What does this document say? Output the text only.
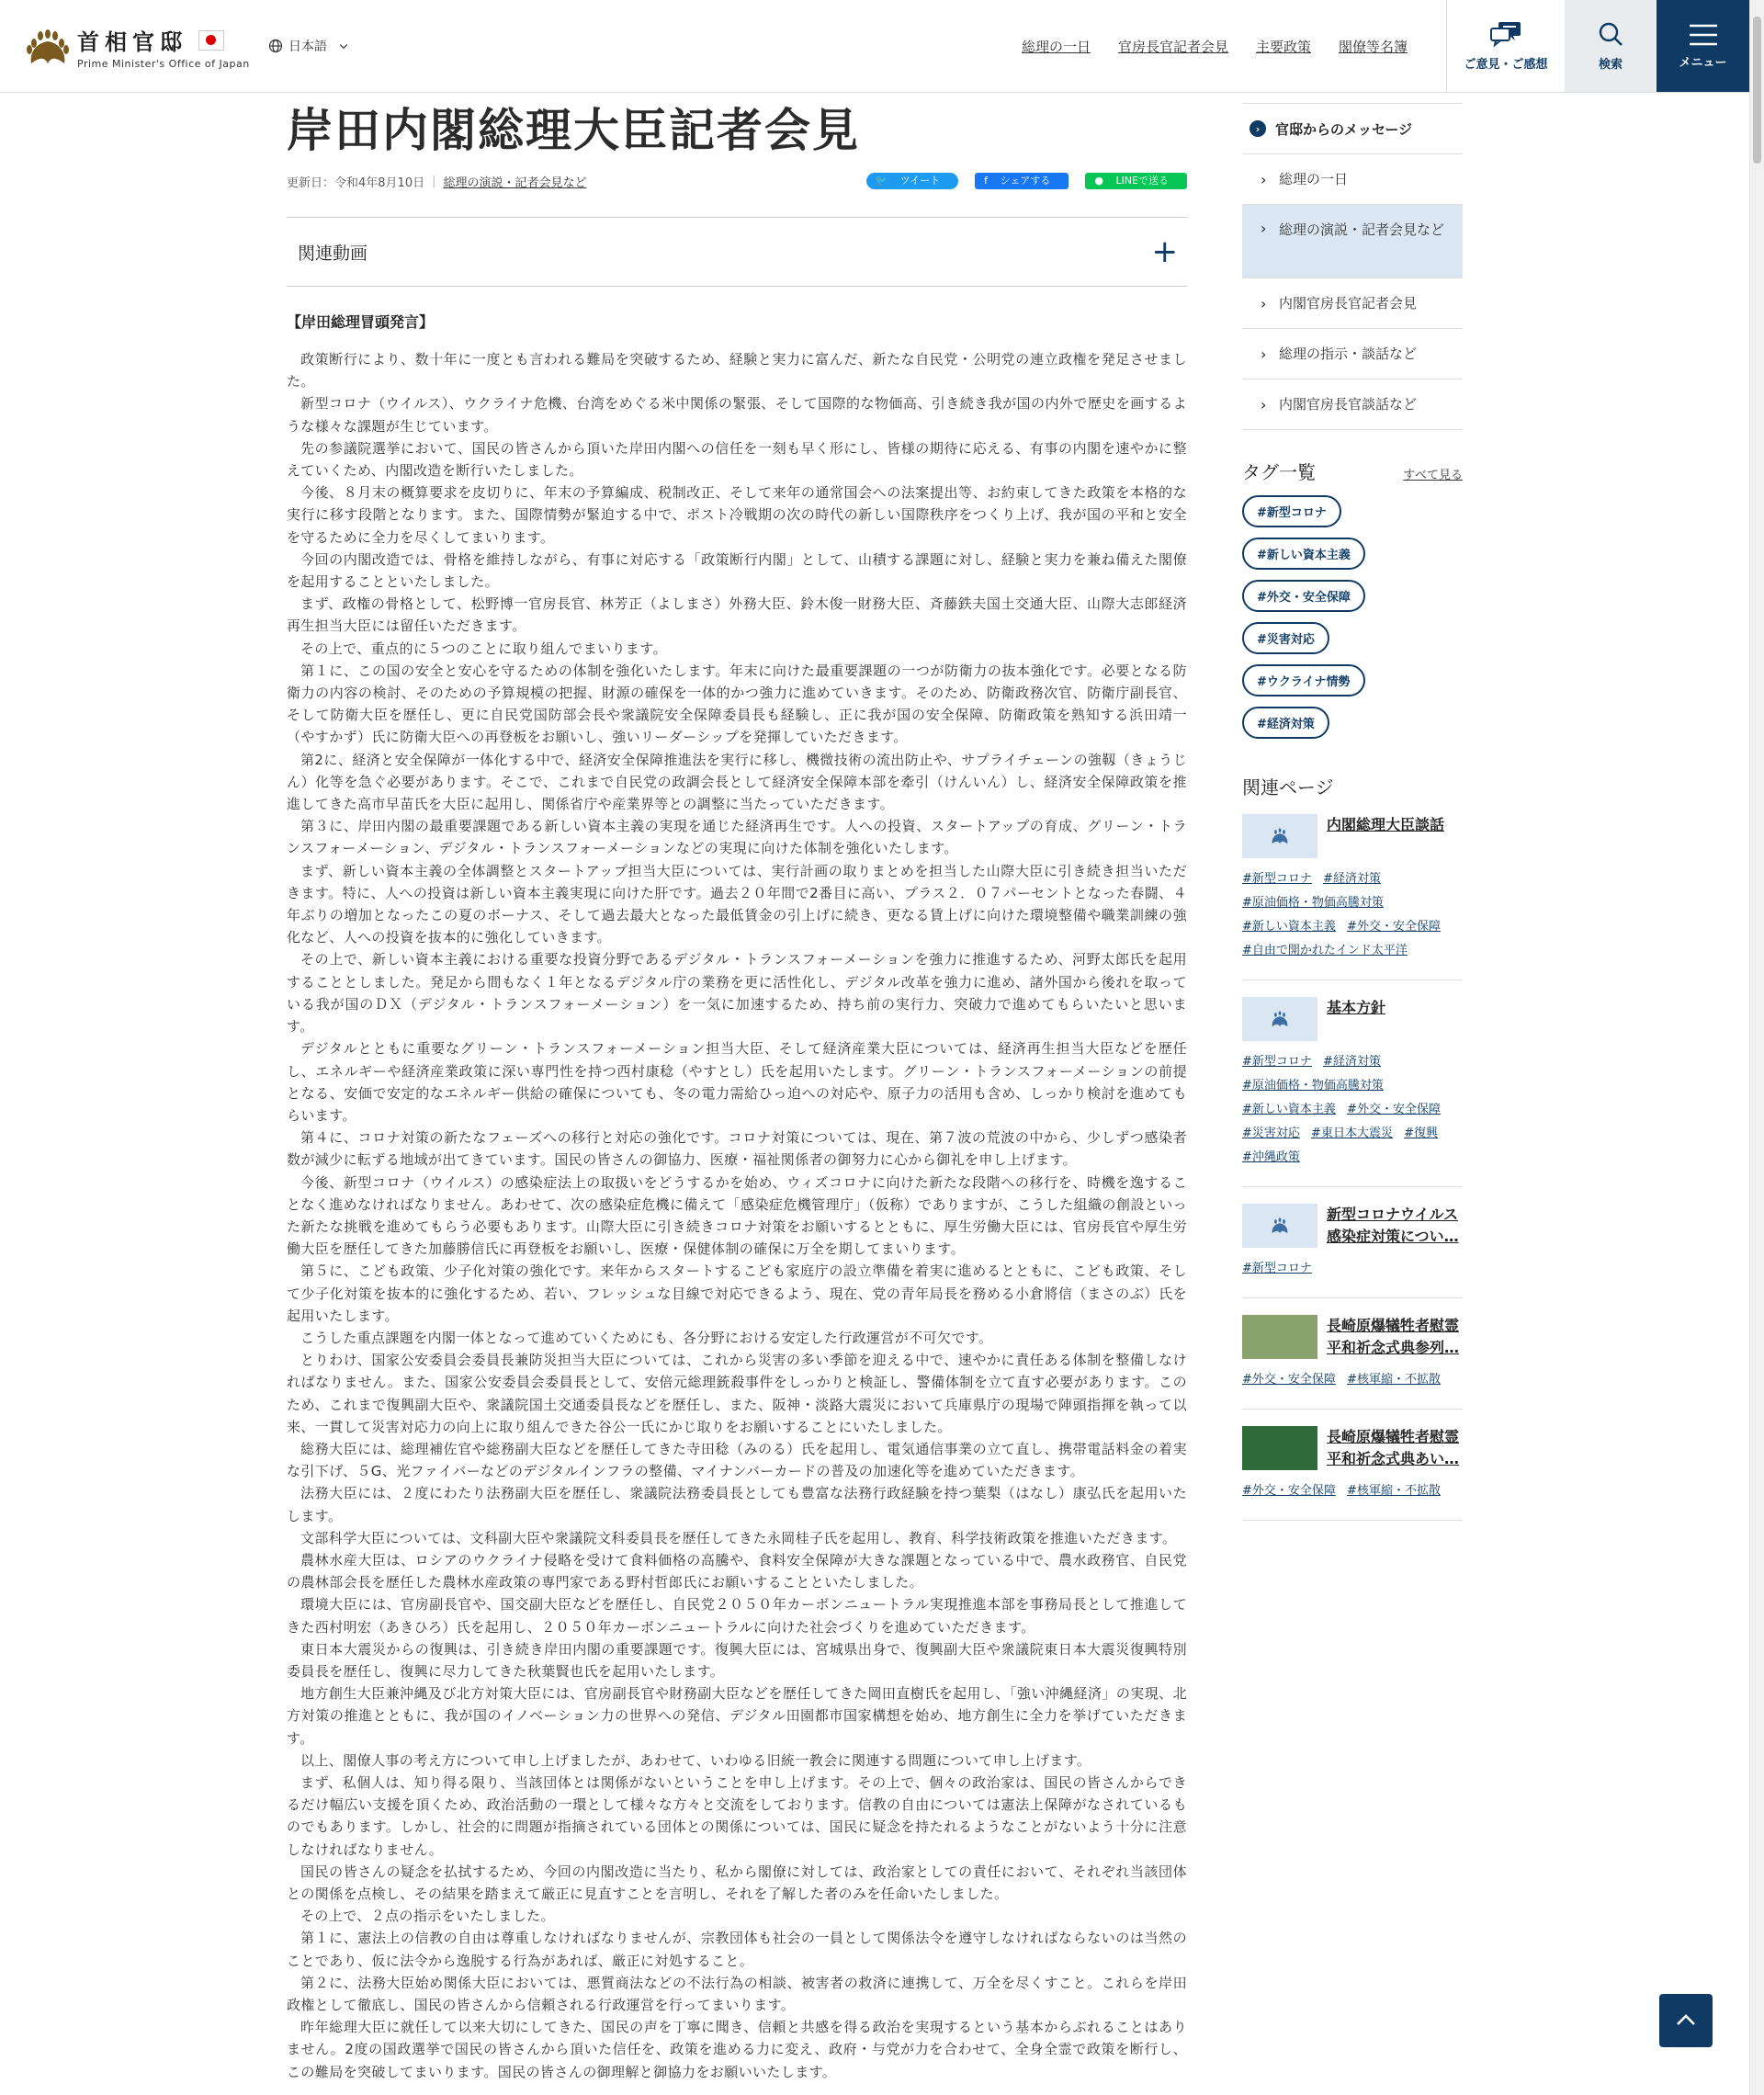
首相官邸
Prime Minister's Office of Japan
日本語	総理の一日 官房長官記者会見 主要政策 閣僚等名簿
ご意見・ご感想	検索	メニュー
岸田内閣総理大臣記者会見
更新日：令和4年8月10日 | 総理の演説・記者会見など	🐦 ツイート	f シェアする	● LINEで送る
関連動画	+
【岸田総理冒頭発言】

政策断行により、数十年に一度とも言われる難局を突破するため、経験と実力に富んだ、新たな自民党・公明党の連立政権を発足させました。

新型コロナ（ウイルス）、ウクライナ危機、台湾をめぐる米中関係の緊張、そして国際的な物価高、引き続き我が国の内外で歴史を画するような様々な課題が生じています。

先の参議院選挙において、国民の皆さんから頂いた岸田内閣への信任を一刻も早く形にし、皆様の期待に応える、有事の内閣を速やかに整えていくため、内閣改造を断行いたしました。

今後、８月末の概算要求を皮切りに、年末の予算編成、税制改正、そして来年の通常国会への法案提出等、お約束してきた政策を本格的な実行に移す段階となります。また、国際情勢が緊迫する中で、ポスト冷戦期の次の時代の新しい国際秩序をつくり上げ、我が国の平和と安全を守るために全力を尽くしてまいります。

今回の内閣改造では、骨格を維持しながら、有事に対応する「政策断行内閣」として、山積する課題に対し、経験と実力を兼ね備えた閣僚を起用することといたしました。

まず、政権の骨格として、松野博一官房長官、林芳正（よしまさ）外務大臣、鈴木俊一財務大臣、斉藤鉄夫国土交通大臣、山際大志郎経済再生担当大臣には留任いただきます。

その上で、重点的に５つのことに取り組んでまいります。

第１に、この国の安全と安心を守るための体制を強化いたします。年末に向けた最重要課題の一つが防衛力の抜本強化です。必要となる防衛力の内容の検討、そのための予算規模の把握、財源の確保を一体的かつ強力に進めていきます。そのため、防衛政務次官、防衛庁副長官、そして防衛大臣を歴任し、更に自民党国防部会長や衆議院安全保障委員長も経験し、正に我が国の安全保障、防衛政策を熟知する浜田靖一（やすかず）氏に防衛大臣への再登板をお願いし、強いリーダーシップを発揮していただきます。

第2に、経済と安全保障が一体化する中で、経済安全保障推進法を実行に移し、機微技術の流出防止や、サプライチェーンの強靱（きょうじん）化等を急ぐ必要があります。そこで、これまで自民党の政調会長として経済安全保障本部を牽引（けんいん）し、経済安全保障政策を推進してきた高市早苗氏を大臣に起用し、関係省庁や産業界等との調整に当たっていただきます。

第３に、岸田内閣の最重要課題である新しい資本主義の実現を通じた経済再生です。人への投資、スタートアップの育成、グリーン・トランスフォーメーション、デジタル・トランスフォーメーションなどの実現に向けた体制を強化いたします。

まず、新しい資本主義の全体調整とスタートアップ担当大臣については、実行計画の取りまとめを担当した山際大臣に引き続き担当いただきます。特に、人への投資は新しい資本主義実現に向けた肝です。過去２０年間で2番目に高い、プラス２．０７パーセントとなった春闘、４年ぶりの増加となったこの夏のボーナス、そして過去最大となった最低賃金の引上げに続き、更なる賃上げに向けた環境整備や職業訓練の強化など、人への投資を抜本的に強化していきます。

その上で、新しい資本主義における重要な投資分野であるデジタル・トランスフォーメーションを強力に推進するため、河野太郎氏を起用することとしました。発足から間もなく１年となるデジタル庁の業務を更に活性化し、デジタル改革を強力に進め、諸外国から後れを取っている我が国のＤＸ（デジタル・トランスフォーメーション）を一気に加速するため、持ち前の実行力、突破力で進めてもらいたいと思います。

デジタルとともに重要なグリーン・トランスフォーメーション担当大臣、そして経済産業大臣については、経済再生担当大臣などを歴任し、エネルギーや経済産業政策に深い専門性を持つ西村康稔（やすとし）氏を起用いたします。グリーン・トランスフォーメーションの前提となる、安価で安定的なエネルギー供給の確保についても、冬の電力需給ひっ迫への対応や、原子力の活用も含め、しっかり検討を進めてもらいます。

第４に、コロナ対策の新たなフェーズへの移行と対応の強化です。コロナ対策については、現在、第７波の荒波の中から、少しずつ感染者数が減少に転ずる地域が出てきています。国民の皆さんの御協力、医療・福祉関係者の御努力に心から御礼を申し上げます。

今後、新型コロナ（ウイルス）の感染症法上の取扱いをどうするかを始め、ウィズコロナに向けた新たな段階への移行を、時機を逸することなく進めなければなりません。あわせて、次の感染症危機に備えて「感染症危機管理庁」（仮称）でありますが、こうした組織の創設といった新たな挑戦を進めてもらう必要もあります。山際大臣に引き続きコロナ対策をお願いするとともに、厚生労働大臣には、官房長官や厚生労働大臣を歴任してきた加藤勝信氏に再登板をお願いし、医療・保健体制の確保に万全を期してまいります。

第５に、こども政策、少子化対策の強化です。来年からスタートするこども家庭庁の設立準備を着実に進めるとともに、こども政策、そして少子化対策を抜本的に強化するため、若い、フレッシュな目線で対応できるよう、現在、党の青年局長を務める小倉將信（まさのぶ）氏を起用いたします。

こうした重点課題を内閣一体となって進めていくためにも、各分野における安定した行政運営が不可欠です。

とりわけ、国家公安委員会委員長兼防災担当大臣については、これから災害の多い季節を迎える中で、速やかに責任ある体制を整備しなければなりません。また、国家公安委員会委員長として、安倍元総理銃殺事件をしっかりと検証し、警備体制を立て直す必要があります。このため、これまで復興副大臣や、衆議院国土交通委員長などを歴任し、また、阪神・淡路大震災において兵庫県庁の現場で陣頭指揮を執って以来、一貫して災害対応力の向上に取り組んできた谷公一氏にかじ取りをお願いすることにいたしました。

総務大臣には、総理補佐官や総務副大臣などを歴任してきた寺田稔（みのる）氏を起用し、電気通信事業の立て直し、携帯電話料金の着実な引下げ、５G、光ファイバーなどのデジタルインフラの整備、マイナンバーカードの普及の加速化等を進めていただきます。

法務大臣には、２度にわたり法務副大臣を歴任し、衆議院法務委員長としても豊富な法務行政経験を持つ葉梨（はなし）康弘氏を起用いたします。

文部科学大臣については、文科副大臣や衆議院文科委員長を歴任してきた永岡桂子氏を起用し、教育、科学技術政策を推進いただきます。

農林水産大臣は、ロシアのウクライナ侵略を受けて食料価格の高騰や、食料安全保障が大きな課題となっている中で、農水政務官、自民党の農林部会長を歴任した農林水産政策の専門家である野村哲郎氏にお願いすることといたしました。

環境大臣には、官房副長官や、国交副大臣などを歴任し、自民党２０５０年カーボンニュートラル実現推進本部を事務局長として推進してきた西村明宏（あきひろ）氏を起用し、２０５０年カーボンニュートラルに向けた社会づくりを進めていただきます。

東日本大震災からの復興は、引き続き岸田内閣の重要課題です。復興大臣には、宮城県出身で、復興副大臣や衆議院東日本大震災復興特別委員長を歴任し、復興に尽力してきた秋葉賢也氏を起用いたします。

地方創生大臣兼沖縄及び北方対策大臣には、官房副長官や財務副大臣などを歴任してきた岡田直樹氏を起用し、「強い沖縄経済」の実現、北方対策の推進とともに、我が国のイノベーション力の世界への発信、デジタル田園都市国家構想を始め、地方創生に全力を挙げていただきます。

以上、閣僚人事の考え方について申し上げましたが、あわせて、いわゆる旧統一教会に関連する問題について申し上げます。

まず、私個人は、知り得る限り、当該団体とは関係がないということを申し上げます。その上で、個々の政治家は、国民の皆さんからできるだけ幅広い支援を頂くため、政治活動の一環として様々な方々と交流をしております。信教の自由については憲法上保障がなされているものでもあります。しかし、社会的に問題が指摘されている団体との関係については、国民に疑念を持たれるようなことがないよう十分に注意しなければなりません。

国民の皆さんの疑念を払拭するため、今回の内閣改造に当たり、私から閣僚に対しては、政治家としての責任において、それぞれ当該団体との関係を点検し、その結果を踏まえて厳正に見直すことを言明し、それを了解した者のみを任命いたしました。

その上で、２点の指示をいたしました。

第１に、憲法上の信教の自由は尊重しなければなりませんが、宗教団体も社会の一員として関係法令を遵守しなければならないのは当然のことであり、仮に法令から逸脱する行為があれば、厳正に対処すること。

第２に、法務大臣始め関係大臣においては、悪質商法などの不法行為の相談、被害者の救済に連携して、万全を尽くすこと。これらを岸田政権として徹底し、国民の皆さんから信頼される行政運営を行ってまいります。

昨年総理大臣に就任して以来大切にしてきた、国民の声を丁寧に聞き、信頼と共感を得る政治を実現するという基本からぶれることはありません。2度の国政選挙で国民の皆さんから頂いた信任を、政策を進める力に変え、政府・与党が力を合わせて、全身全霊で政策を断行し、この難局を突破してまいります。国民の皆さんの御理解と御協力をお願いいたします。

›	官邸からのメッセージ
› 総理の一日
› 総理の演説・記者会見など
› 内閣官房長官記者会見
› 総理の指示・談話など
› 内閣官房長官談話など
タグ一覧	すべて見る
#新型コロナ
#新しい資本主義
#外交・安全保障
#災害対応
#ウクライナ情勢
#経済対策
関連ページ
内閣総理大臣談話
#新型コロナ #経済対策 #原油価格・物価高騰対策 #新しい資本主義 #外交・安全保障 #自由で開かれたインド太平洋
基本方針
#新型コロナ #経済対策 #原油価格・物価高騰対策 #新しい資本主義 #外交・安全保障 #災害対応 #東日本大震災 #復興 #沖縄政策
新型コロナウイルス感染症対策につい…
#新型コロナ
長崎原爆犠牲者慰霊平和祈念式典参列…
#外交・安全保障 #核軍縮・不拡散
長崎原爆犠牲者慰霊平和祈念式典あい…
#外交・安全保障 #核軍縮・不拡散
